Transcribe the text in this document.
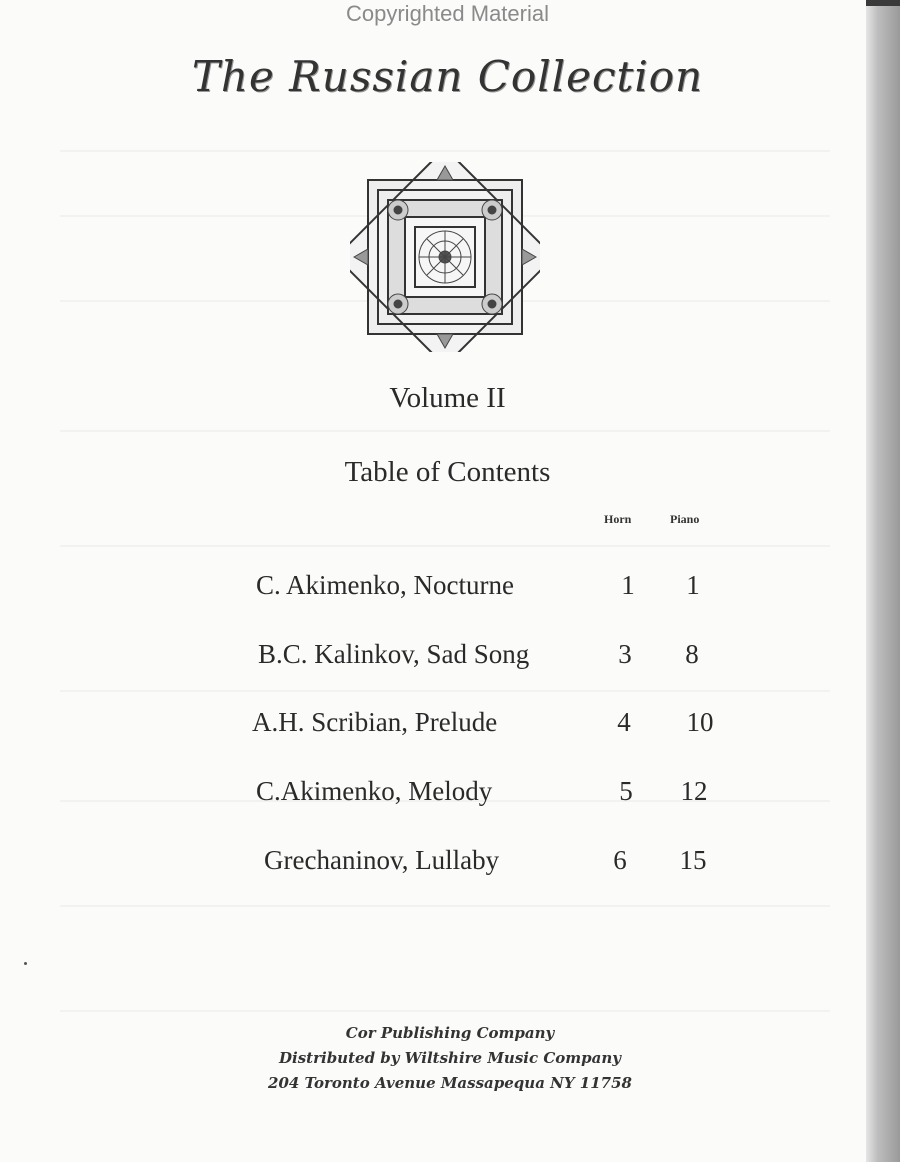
Copyrighted Material
The Russian Collection
Volume II
Table of Contents
Horn	Piano
C. Akimenko, Nocturne	1	1
B.C. Kalinkov, Sad Song	3	8
A.H. Scribian, Prelude	4	10
C.Akimenko, Melody	5	12
Grechaninov, Lullaby	6	15
Cor Publishing Company
Distributed by Wiltshire Music Company
204 Toronto Avenue Massapequa NY 11758
